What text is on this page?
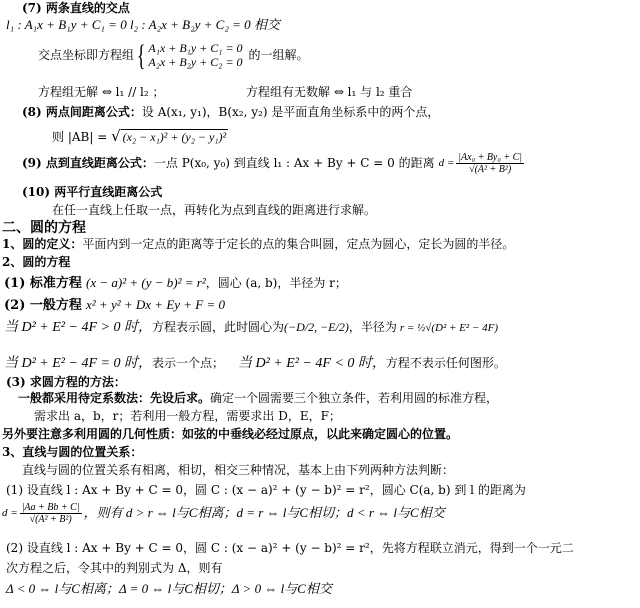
(7) 两条直线的交点
l₁ : A₁x + B₁y + C₁ = 0 l₂ : A₂x + B₂y + C₂ = 0 相交
交点坐标即方程组 { A₁x + B₁y + C₁ = 0
A₂x + B₂y + C₂ = 0 的一组解。
方程组无解 ⇔ l₁ // l₂ ；	方程组有无数解 ⇔ l₁ 与 l₂ 重合
(8) 两点间距离公式：设 A(x₁, y₁)，B(x₂, y₂) 是平面直角坐标系中的两个点，
则 |AB| = √ (x₂ − x₁)² + (y₂ − y₁)²
(9) 点到直线距离公式： 一点 P(x₀, y₀) 到直线 l₁ : Ax + By + C = 0 的距离 $d = \frac{\text{|Ax₀ + By₀ + C|}}{\text{√(A² + B²)}}$
(10) 两平行直线距离公式
在任一直线上任取一点，再转化为点到直线的距离进行求解。
二、圆的方程
1、圆的定义：平面内到一定点的距离等于定长的点的集合叫圆，定点为圆心，定长为圆的半径。
2、圆的方程
(1) 标准方程 (x − a)² + (y − b)² = r²，圆心 (a, b)，半径为 r；
(2) 一般方程 x² + y² + Dx + Ey + F = 0
当 D² + E² − 4F > 0 时， 方程表示圆，此时圆心为 (−D/2, −E/2) ，半径为 r = ½√(D² + E² − 4F)
当 D² + E² − 4F = 0 时， 表示一个点； 当 D² + E² − 4F < 0 时， 方程不表示任何图形。
(3) 求圆方程的方法：
一般都采用待定系数法：先设后求。确定一个圆需要三个独立条件，若利用圆的标准方程，
需求出 a，b，r；若利用一般方程，需要求出 D，E，F；
另外要注意多利用圆的几何性质：如弦的中垂线必经过原点，以此来确定圆心的位置。
3、直线与圆的位置关系：
直线与圆的位置关系有相离，相切，相交三种情况，基本上由下列两种方法判断：
(1) 设直线 l : Ax + By + C = 0，圆 C : (x − a)² + (y − b)² = r²，圆心 C(a, b) 到 l 的距离为
$d = \frac{|Aa + Bb + C|}{\text{√(A² + B²)}}$ ，则有 d > r ⇔ l与C相离；d = r ⇔ l与C相切；d < r ⇔ l与C相交
(2) 设直线 l : Ax + By + C = 0，圆 C : (x − a)² + (y − b)² = r²，先将方程联立消元，得到一个一元二
次方程之后，令其中的判别式为 Δ，则有
Δ < 0 ⇔ l与C相离；Δ = 0 ⇔ l与C相切；Δ > 0 ⇔ l与C相交
